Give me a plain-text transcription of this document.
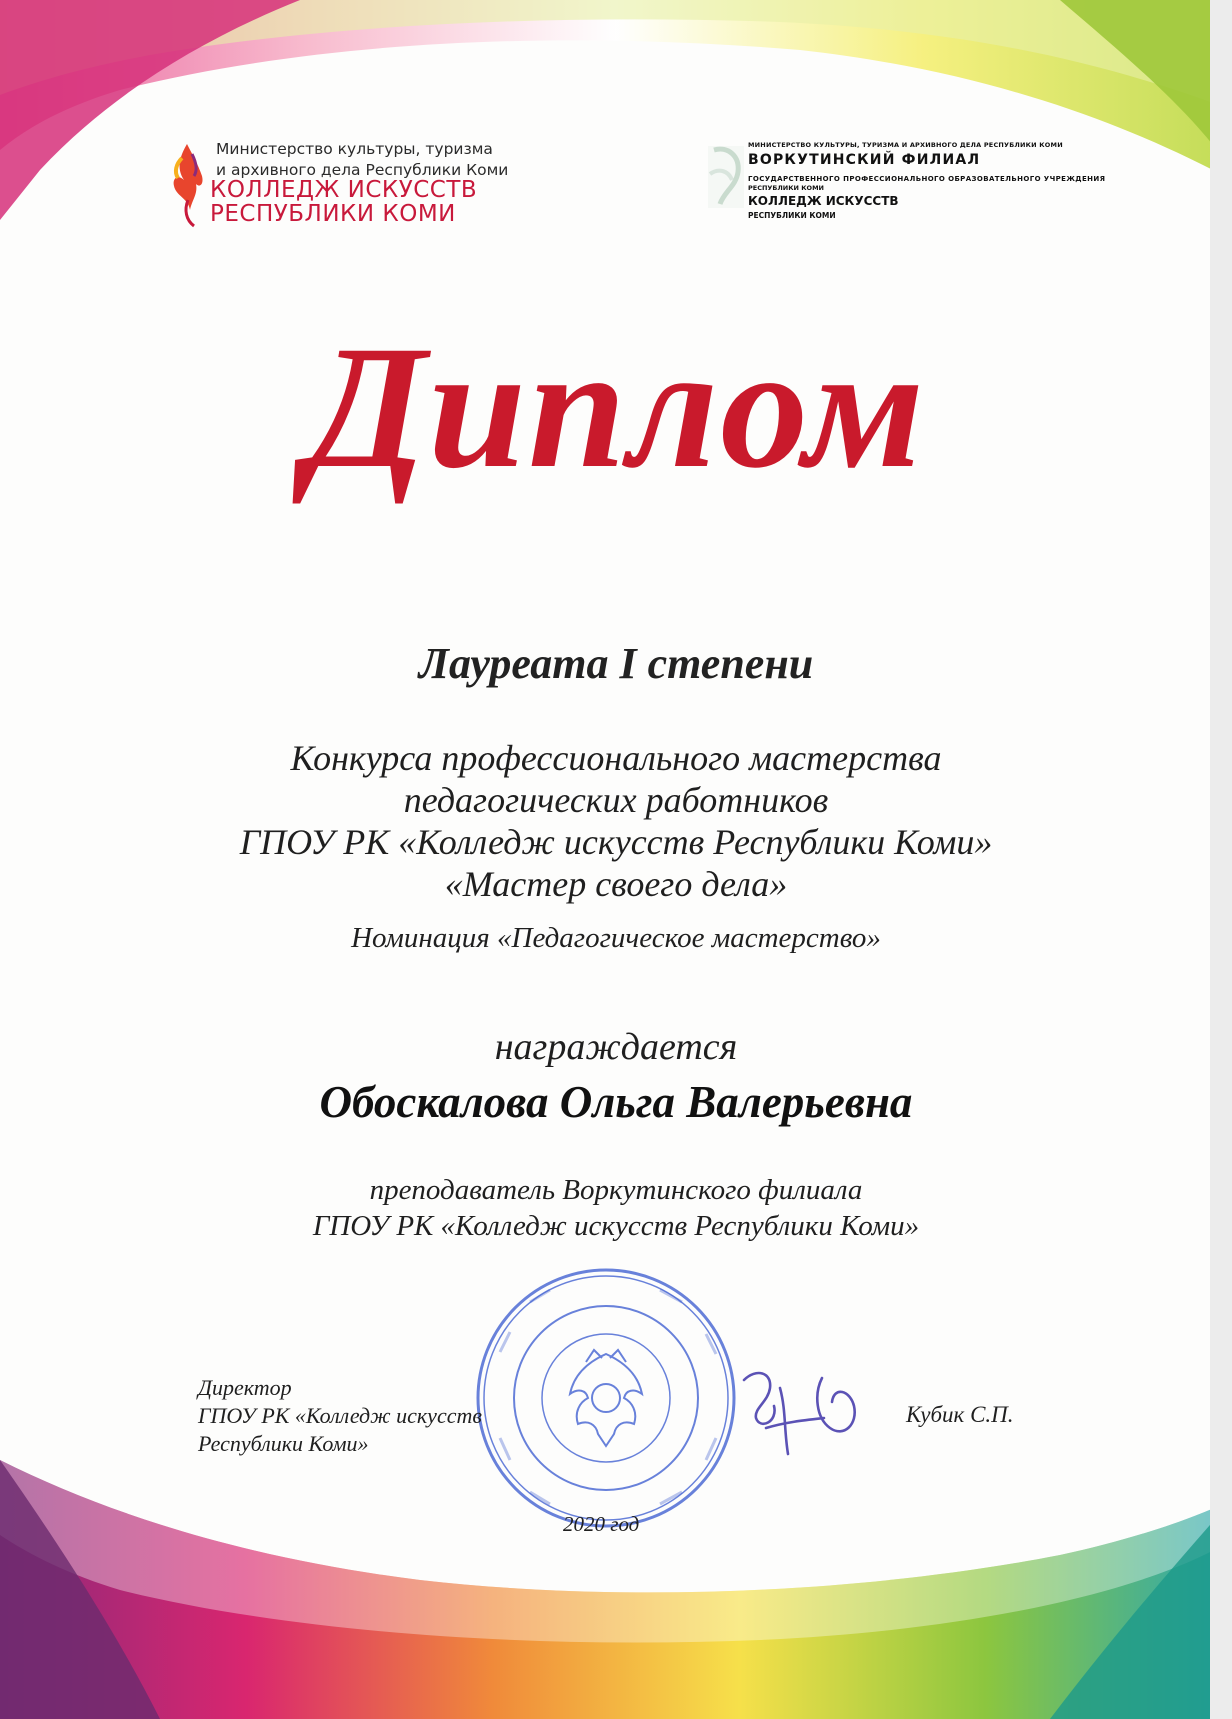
Министерство культуры, туризма
и архивного дела Республики Коми
КОЛЛЕДЖ ИСКУССТВ
РЕСПУБЛИКИ КОМИ
МИНИСТЕРСТВО КУЛЬТУРЫ, ТУРИЗМА И АРХИВНОГО ДЕЛА РЕСПУБЛИКИ КОМИ
ВОРКУТИНСКИЙ ФИЛИАЛ
ГОСУДАРСТВЕННОГО ПРОФЕССИОНАЛЬНОГО ОБРАЗОВАТЕЛЬНОГО УЧРЕЖДЕНИЯ
РЕСПУБЛИКИ КОМИ
КОЛЛЕДЖ ИСКУССТВ
РЕСПУБЛИКИ КОМИ
Диплом
Лауреата I степени
Конкурса профессионального мастерства
педагогических работников
ГПОУ РК «Колледж искусств Республики Коми»
«Мастер своего дела»
Номинация «Педагогическое мастерство»
награждается
Обоскалова Ольга Валерьевна
преподаватель Воркутинского филиала
ГПОУ РК «Колледж искусств Республики Коми»
Директор
ГПОУ РК «Колледж искусств
Республики Коми»
Кубик С.П.
2020 год
